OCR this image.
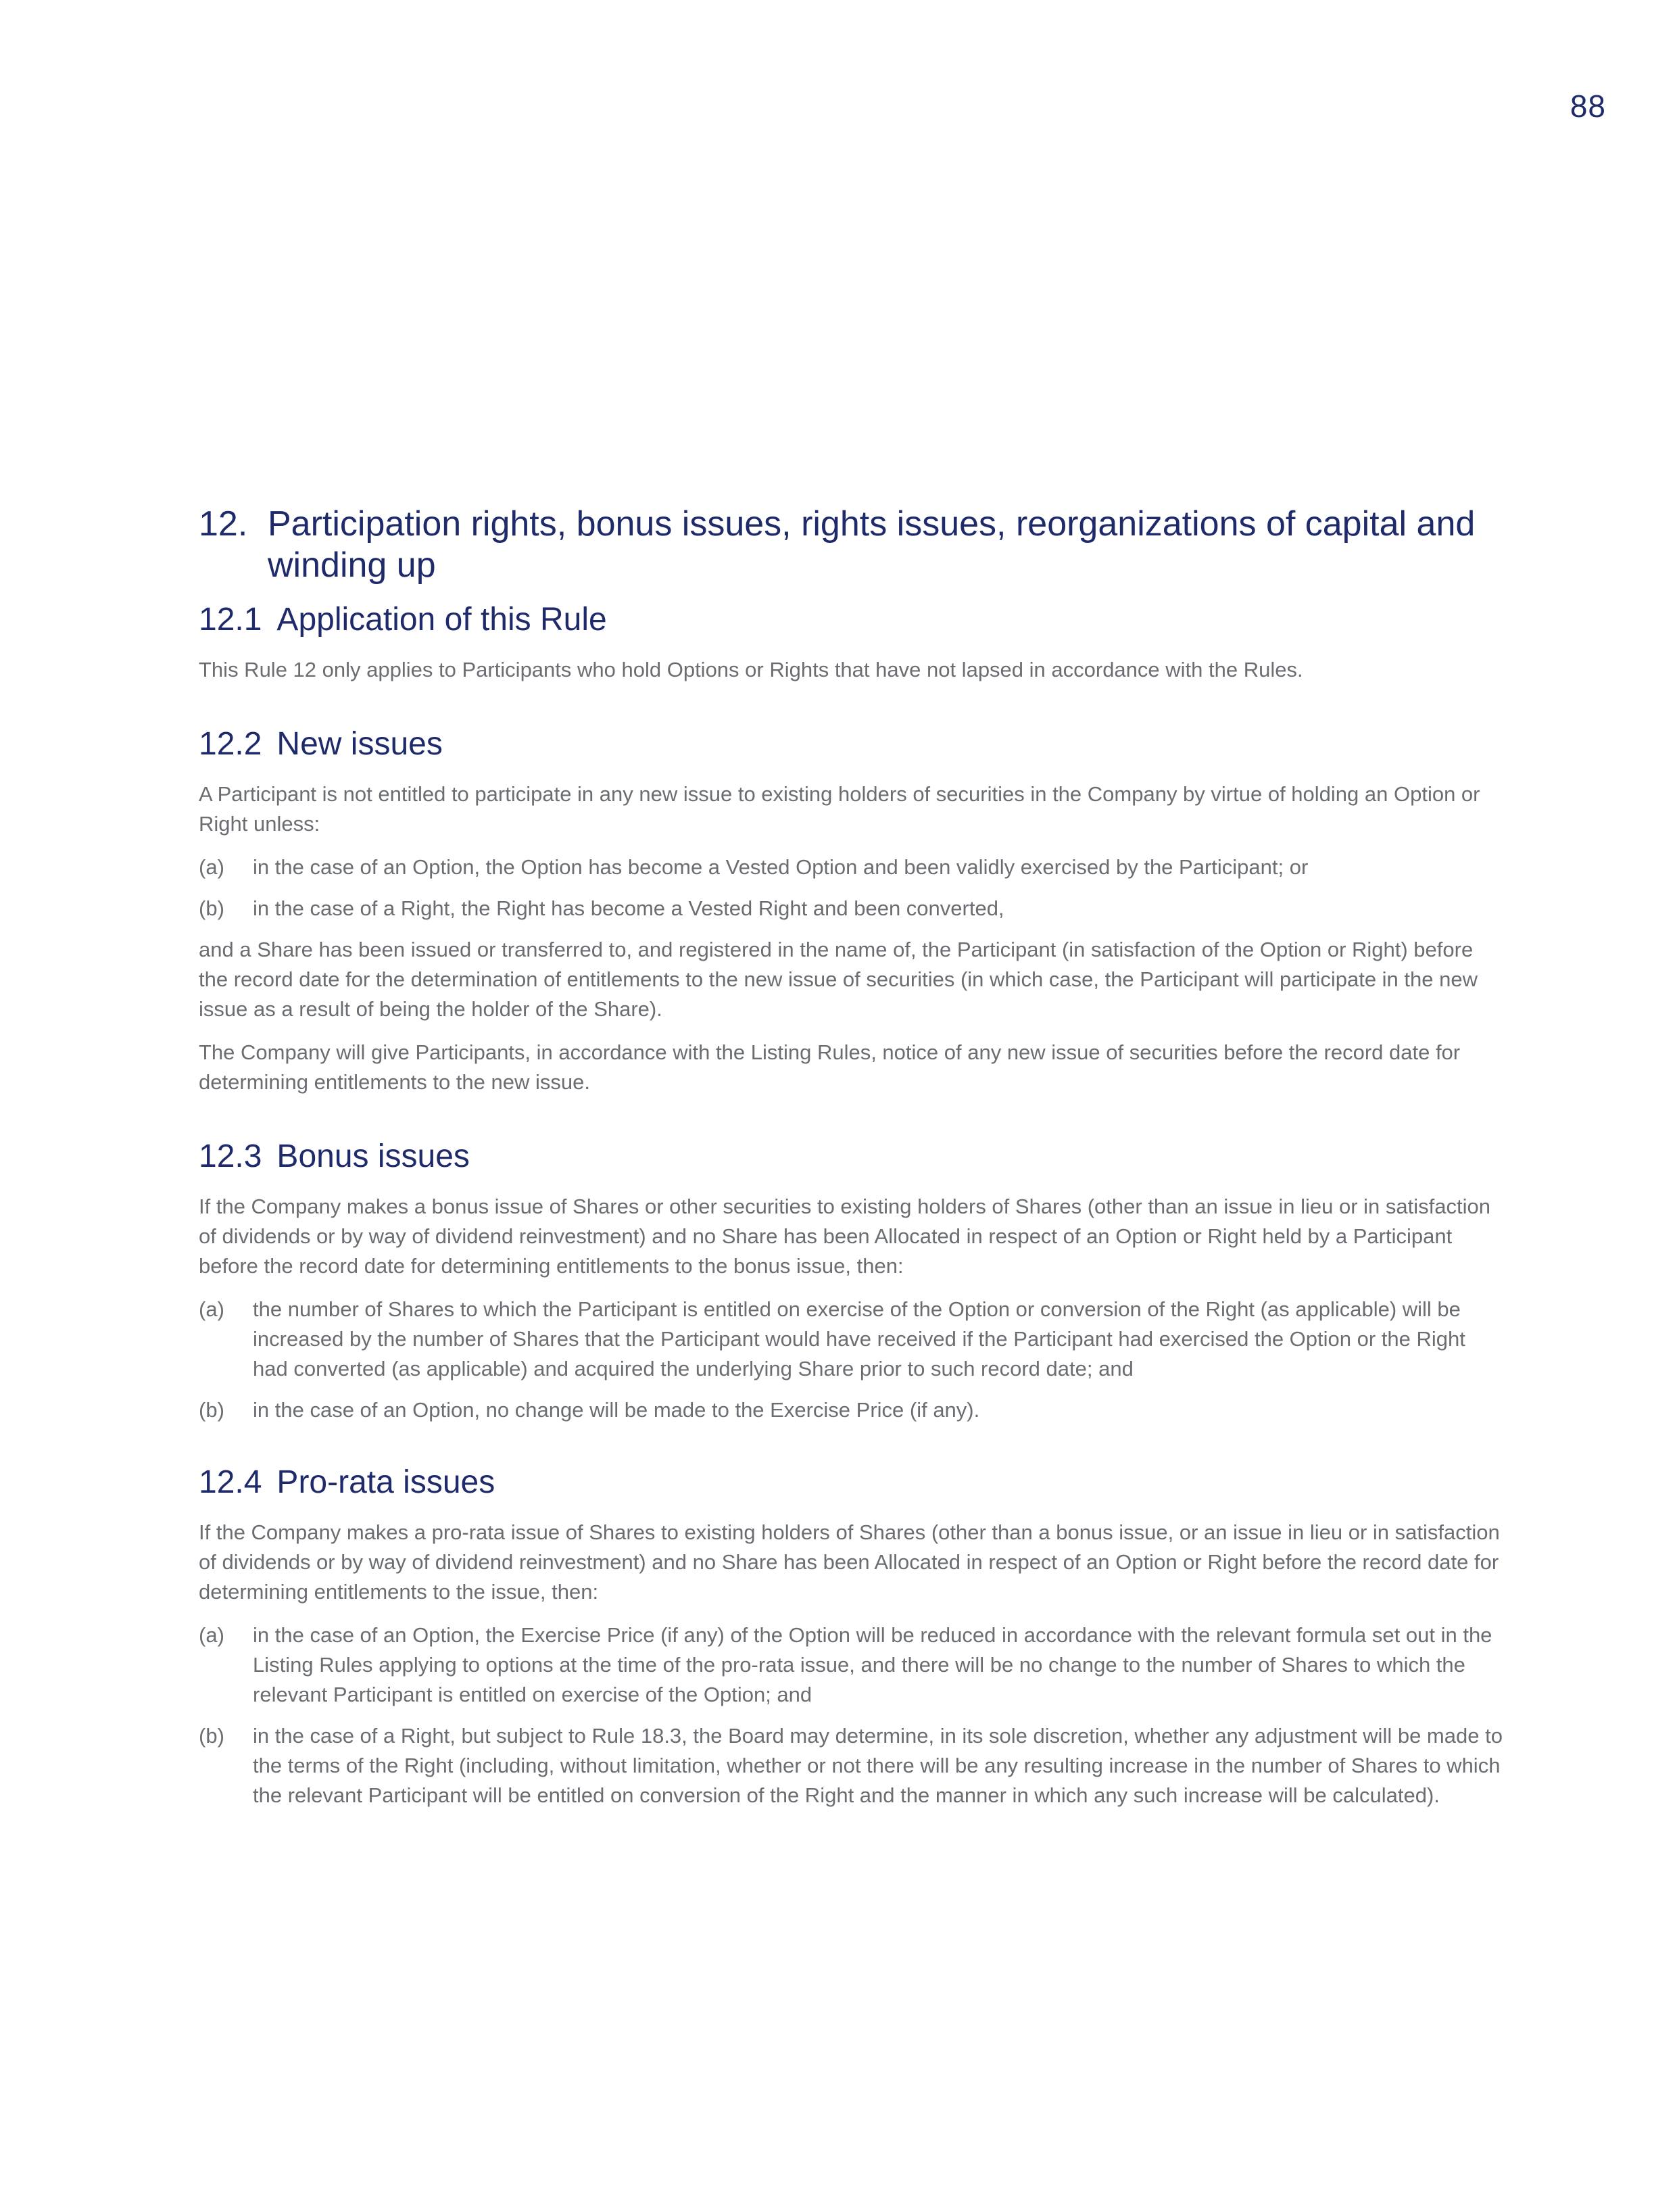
88
12. Participation rights, bonus issues, rights issues, reorganizations of capital and winding up
12.1 Application of this Rule

This Rule 12 only applies to Participants who hold Options or Rights that have not lapsed in accordance with the Rules.

12.2 New issues

A Participant is not entitled to participate in any new issue to existing holders of securities in the Company by virtue of holding an Option or Right unless:

(a)	in the case of an Option, the Option has become a Vested Option and been validly exercised by the Participant; or
(b)	in the case of a Right, the Right has become a Vested Right and been converted,

and a Share has been issued or transferred to, and registered in the name of, the Participant (in satisfaction of the Option or Right) before the record date for the determination of entitlements to the new issue of securities (in which case, the Participant will participate in the new issue as a result of being the holder of the Share).

The Company will give Participants, in accordance with the Listing Rules, notice of any new issue of securities before the record date for determining entitlements to the new issue.

12.3 Bonus issues

If the Company makes a bonus issue of Shares or other securities to existing holders of Shares (other than an issue in lieu or in satisfaction of dividends or by way of dividend reinvestment) and no Share has been Allocated in respect of an Option or Right held by a Participant before the record date for determining entitlements to the bonus issue, then:

(a)	the number of Shares to which the Participant is entitled on exercise of the Option or conversion of the Right (as applicable) will be increased by the number of Shares that the Participant would have received if the Participant had exercised the Option or the Right had converted (as applicable) and acquired the underlying Share prior to such record date; and
(b)	in the case of an Option, no change will be made to the Exercise Price (if any).
12.4 Pro-rata issues

If the Company makes a pro-rata issue of Shares to existing holders of Shares (other than a bonus issue, or an issue in lieu or in satisfaction of dividends or by way of dividend reinvestment) and no Share has been Allocated in respect of an Option or Right before the record date for determining entitlements to the issue, then:

(a)	in the case of an Option, the Exercise Price (if any) of the Option will be reduced in accordance with the relevant formula set out in the Listing Rules applying to options at the time of the pro-rata issue, and there will be no change to the number of Shares to which the relevant Participant is entitled on exercise of the Option; and
(b)	in the case of a Right, but subject to Rule 18.3, the Board may determine, in its sole discretion, whether any adjustment will be made to the terms of the Right (including, without limitation, whether or not there will be any resulting increase in the number of Shares to which the relevant Participant will be entitled on conversion of the Right and the manner in which any such increase will be calculated).
